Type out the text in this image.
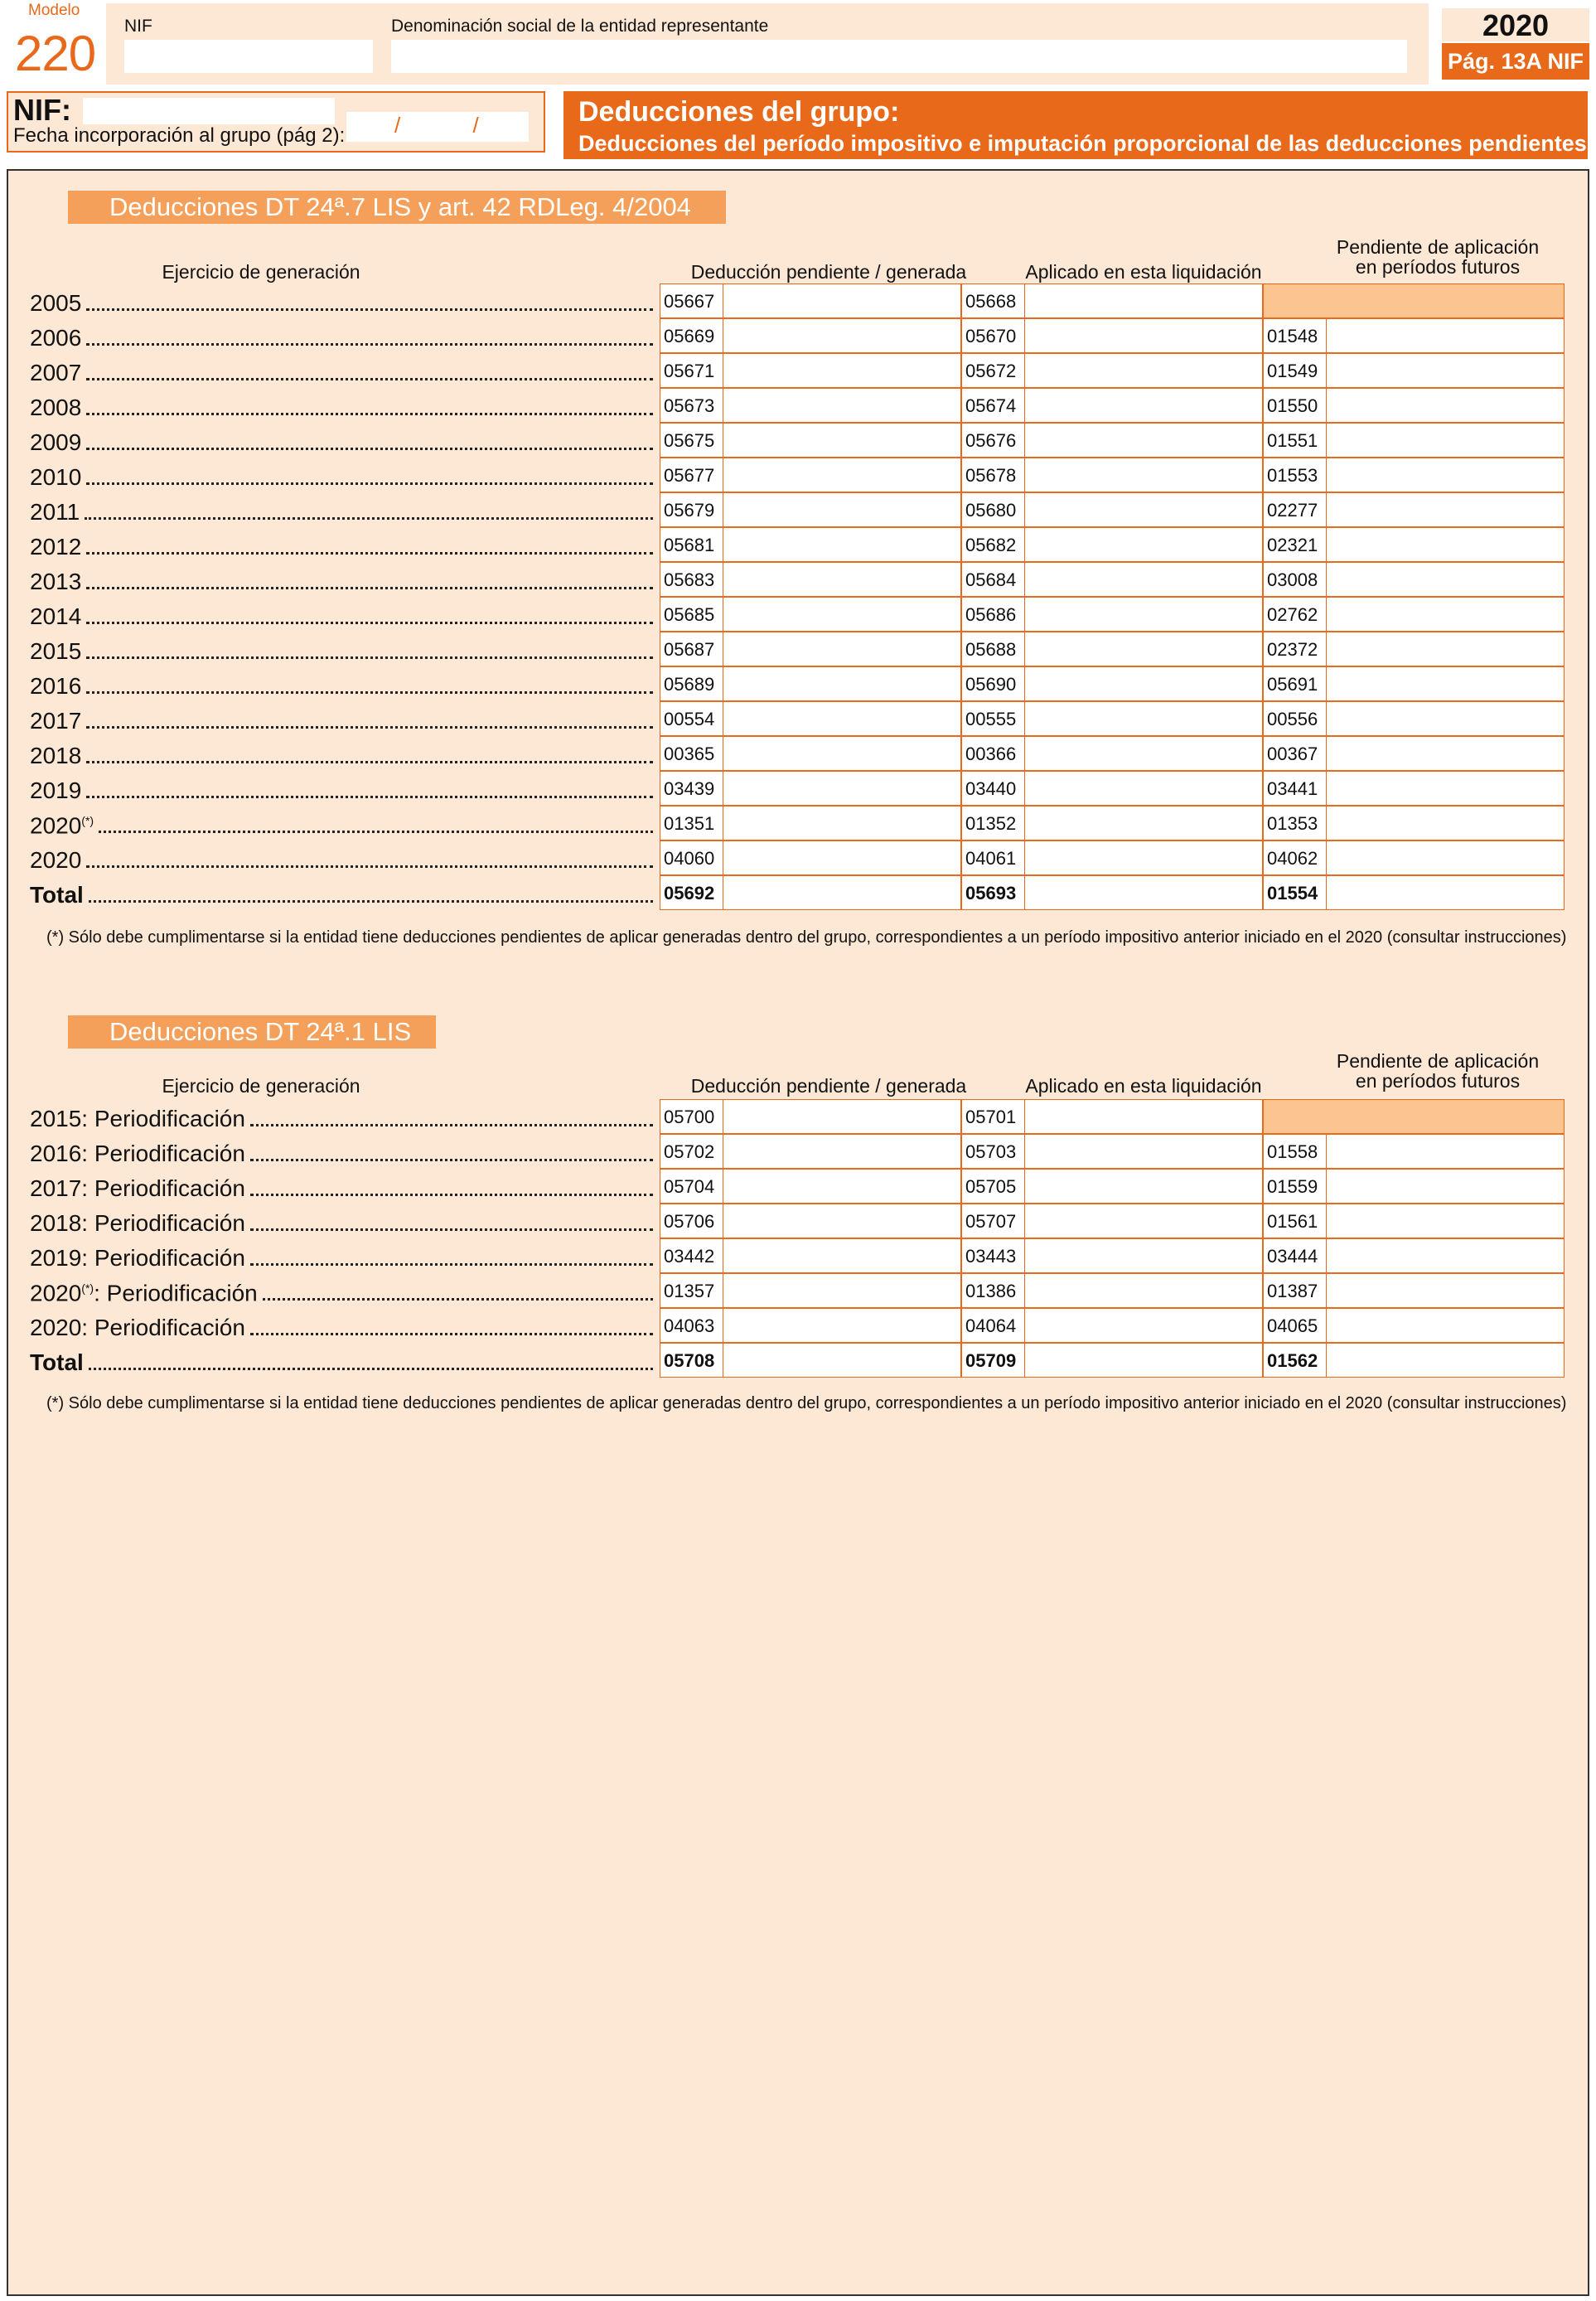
Modelo
220 NIF	Denominación social de la entidad representante	2020
Pág. 13A NIF
NIF:
Fecha incorporación al grupo (pág 2): / / Deducciones del grupo:
Deducciones del período impositivo e imputación proporcional de las deducciones pendientes
Deducciones DT 24ª.7 LIS y art. 42 RDLeg. 4/2004
Ejercicio de generación	Deducción pendiente / generada	Aplicado en esta liquidación
Pendiente de aplicación
en períodos futuros
2005	05667	05668
2006	05669	05670	01548
2007	05671	05672	01549
2008	05673	05674	01550
2009	05675	05676	01551
2010	05677	05678	01553
2011	05679	05680	02277
2012	05681	05682	02321
2013	05683	05684	03008
2014	05685	05686	02762
2015	05687	05688	02372
2016	05689	05690	05691
2017	00554	00555	00556
2018	00365	00366	00367
2019	03439	03440	03441
2020(*)	01351	01352	01353
2020	04060	04061	04062
Total	05692	05693	01554
(*) Sólo debe cumplimentarse si la entidad tiene deducciones pendientes de aplicar generadas dentro del grupo, correspondientes a un período impositivo anterior iniciado en el 2020 (consultar instrucciones)
Deducciones DT 24ª.1 LIS
Ejercicio de generación	Deducción pendiente / generada	Aplicado en esta liquidación
Pendiente de aplicación
en períodos futuros
2015: Periodificación	05700	05701
2016: Periodificación	05702	05703	01558
2017: Periodificación	05704	05705	01559
2018: Periodificación	05706	05707	01561
2019: Periodificación	03442	03443	03444
2020(*): Periodificación	01357	01386	01387
2020: Periodificación	04063	04064	04065
Total	05708	05709	01562
(*) Sólo debe cumplimentarse si la entidad tiene deducciones pendientes de aplicar generadas dentro del grupo, correspondientes a un período impositivo anterior iniciado en el 2020 (consultar instrucciones)
